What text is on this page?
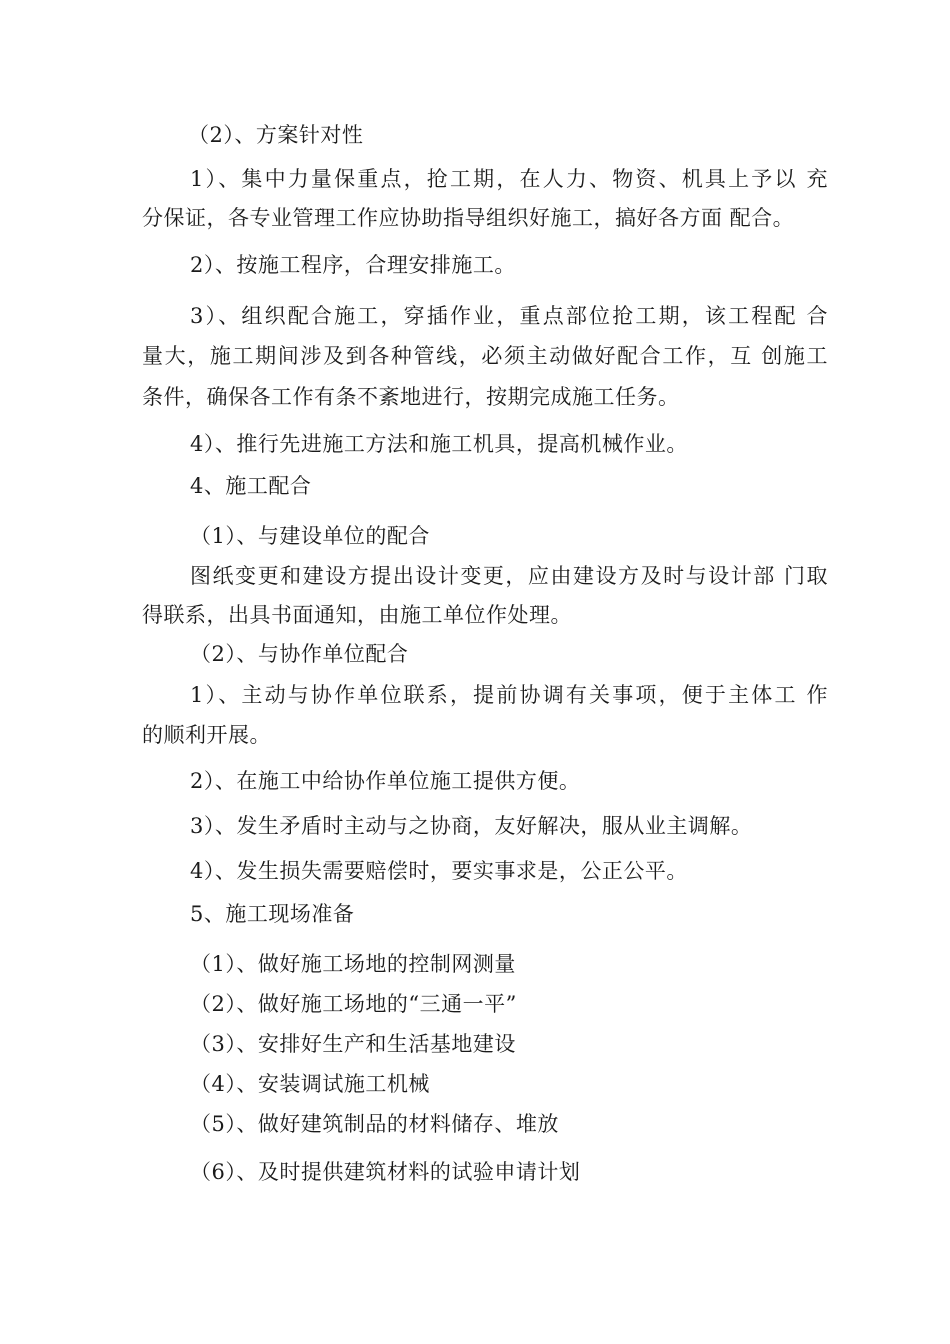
（2）、方案针对性
1）、集中力量保重点，抢工期，在人力、物资、机具上予以 充
分保证，各专业管理工作应协助指导组织好施工，搞好各方面 配合。
2）、按施工程序，合理安排施工。
3）、组织配合施工，穿插作业，重点部位抢工期，该工程配 合
量大，施工期间涉及到各种管线，必须主动做好配合工作，互 创施工
条件，确保各工作有条不紊地进行，按期完成施工任务。
4）、推行先进施工方法和施工机具，提高机械作业。
4、施工配合
（1）、与建设单位的配合
图纸变更和建设方提出设计变更，应由建设方及时与设计部 门取
得联系，出具书面通知，由施工单位作处理。
（2）、与协作单位配合
1）、主动与协作单位联系，提前协调有关事项，便于主体工 作
的顺利开展。
2）、在施工中给协作单位施工提供方便。
3）、发生矛盾时主动与之协商，友好解决，服从业主调解。
4）、发生损失需要赔偿时，要实事求是，公正公平。
5、施工现场准备
（1）、做好施工场地的控制网测量
（2）、做好施工场地的“三通一平”
（3）、安排好生产和生活基地建设
（4）、安装调试施工机械
（5）、做好建筑制品的材料储存、堆放
（6）、及时提供建筑材料的试验申请计划
